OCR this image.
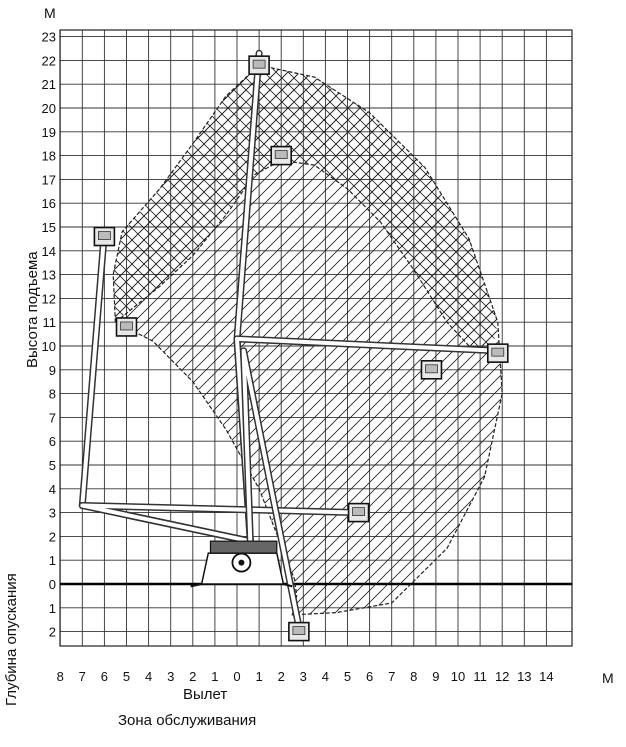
23
22
21
20
19
18
17
16
15
14
13
12
11
10
9
8
7
6
5
4
3
2
1
0
1
2
8 7 6 5 4 3 2 1 0 1 2 3 4 5 6 7 8 9 10 11 12 13 14
М
М
Вылет
Зона обслуживания
Высота подъема
Глубина опускания
